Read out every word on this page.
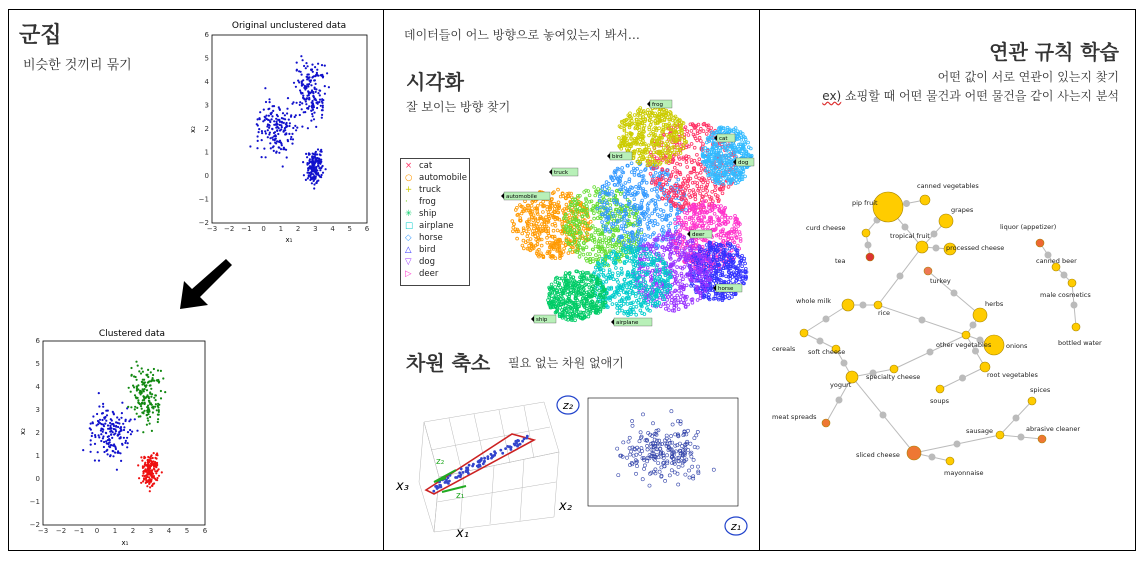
군집
비슷한 것끼리 묶기
Original unclustered data
−3 −2 −1 0 1 2 3 4 5 6
6
5
4
3
2
1
0
−1
−2
x₁
x₂
Clustered data
−3 −2 −1 0 1 2 3 4 5 6
6
5
4
3
2
1
0
−1
−2
x₁
x₂
데이터들이 어느 방향으로 놓여있는지 봐서…
시각화
잘 보이는 방향 찾기
× cat
○ automobile
+ truck
· frog
✳ ship
□ airplane
◇ horse
△ bird
▽ dog
▷ deer
truck
automobile
ship	airplane
bird
cat
dog
deer
horse
frog
차원 축소 필요 없는 차원 없애기
z₂
z₁
x₃
x₂
x₁
z₂
z₁
연관 규칙 학습
어떤 값이 서로 연관이 있는지 찾기
ex) 쇼핑할 때 어떤 물건과 어떤 물건을 같이 사는지 분석
pip fruit
canned vegetables
grapes
curd cheese
tropical fruit
processed cheese
liquor (appetizer)
tea	canned beer
turkey
male cosmetics
whole milk
rice
herbs
bottled water
onions
other vegetables
cereals soft cheese
root vegetables
specialty cheese
yogurt
soups
spices
meat spreads
abrasive cleaner
sausage
sliced cheese
mayonnaise
